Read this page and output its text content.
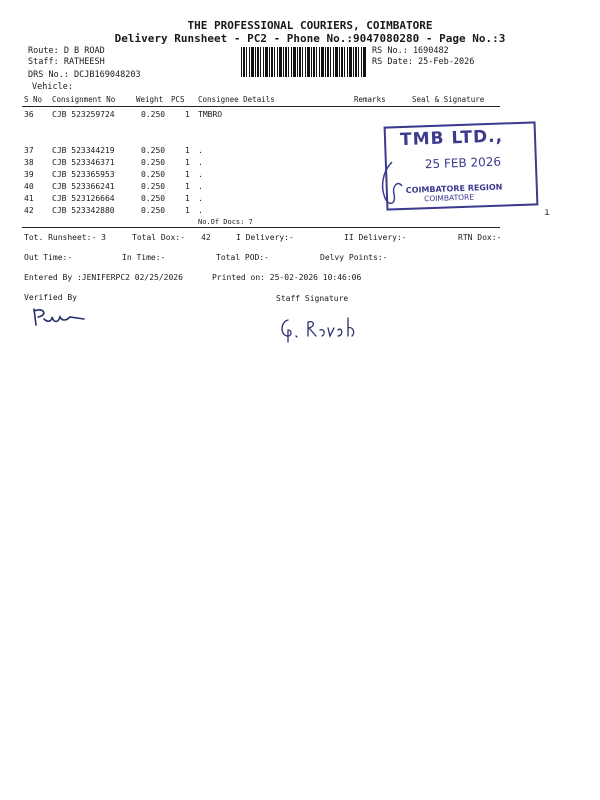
THE PROFESSIONAL COURIERS, COIMBATORE
Delivery Runsheet - PC2 - Phone No.:9047080280 - Page No.:3
Route: D B ROAD
Staff: RATHEESH
DRS No.: DCJB169048203
Vehicle:
RS No.: 1690482
RS Date: 25-Feb-2026
S No Consignment No	Weight PCS Consignee Details	Remarks	Seal & Signature
36 CJB 523259724	0.250 1 TMBRO
37 CJB 523344219	0.250 1 .
38 CJB 523346371	0.250 1 .
39 CJB 523365953	0.250 1 .
40 CJB 523366241	0.250 1 .
41 CJB 523126664	0.250 1 .
42 CJB 523342880	0.250 1 .
No.Of Docs: 7
TMB LTD.,
25 FEB 2026
COIMBATORE REGION
COIMBATORE
ı
Tot. Runsheet:- 3	Total Dox:- 42	I Delivery:-	II Delivery:-	RTN Dox:-
Out Time:-	In Time:-	Total POD:-	Delvy Points:-
Entered By :JENIFERPC2 02/25/2026	Printed on: 25-02-2026 10:46:06
Verified By	Staff Signature
